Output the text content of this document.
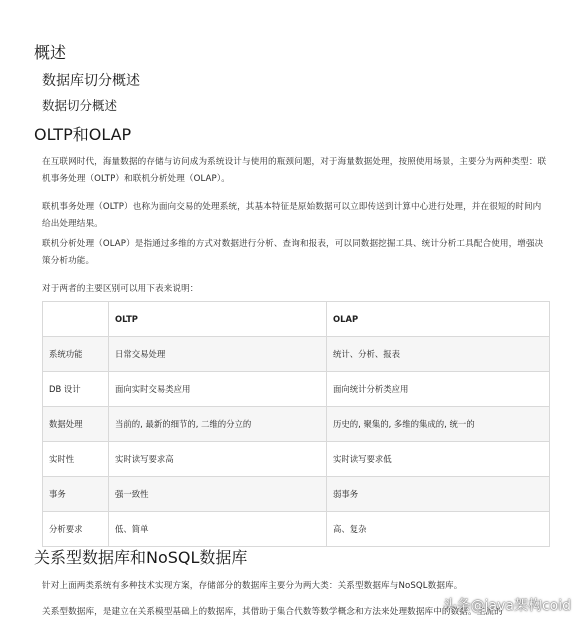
概述
数据库切分概述
数据切分概述
OLTP和OLAP
在互联网时代，海量数据的存储与访问成为系统设计与使用的瓶颈问题，对于海量数据处理，按照使用场景，主要分为两种类型：联机事务处理（OLTP）和联机分析处理（OLAP）。
联机事务处理（OLTP）也称为面向交易的处理系统，其基本特征是原始数据可以立即传送到计算中心进行处理，并在很短的时间内给出处理结果。
联机分析处理（OLAP）是指通过多维的方式对数据进行分析、查询和报表，可以同数据挖掘工具、统计分析工具配合使用，增强决策分析功能。
对于两者的主要区别可以用下表来说明：
	OLTP	OLAP
系统功能	日常交易处理	统计、分析、报表
DB 设计	面向实时交易类应用	面向统计分析类应用
数据处理	当前的, 最新的细节的, 二维的分立的	历史的, 聚集的, 多维的集成的, 统一的
实时性	实时读写要求高	实时读写要求低
事务	强一致性	弱事务
分析要求	低、简单	高、复杂
关系型数据库和NoSQL数据库
针对上面两类系统有多种技术实现方案，存储部分的数据库主要分为两大类：关系型数据库与NoSQL数据库。
关系型数据库，是建立在关系模型基础上的数据库，其借助于集合代数等数学概念和方法来处理数据库中的数据。主流的
头条@java架构coid
